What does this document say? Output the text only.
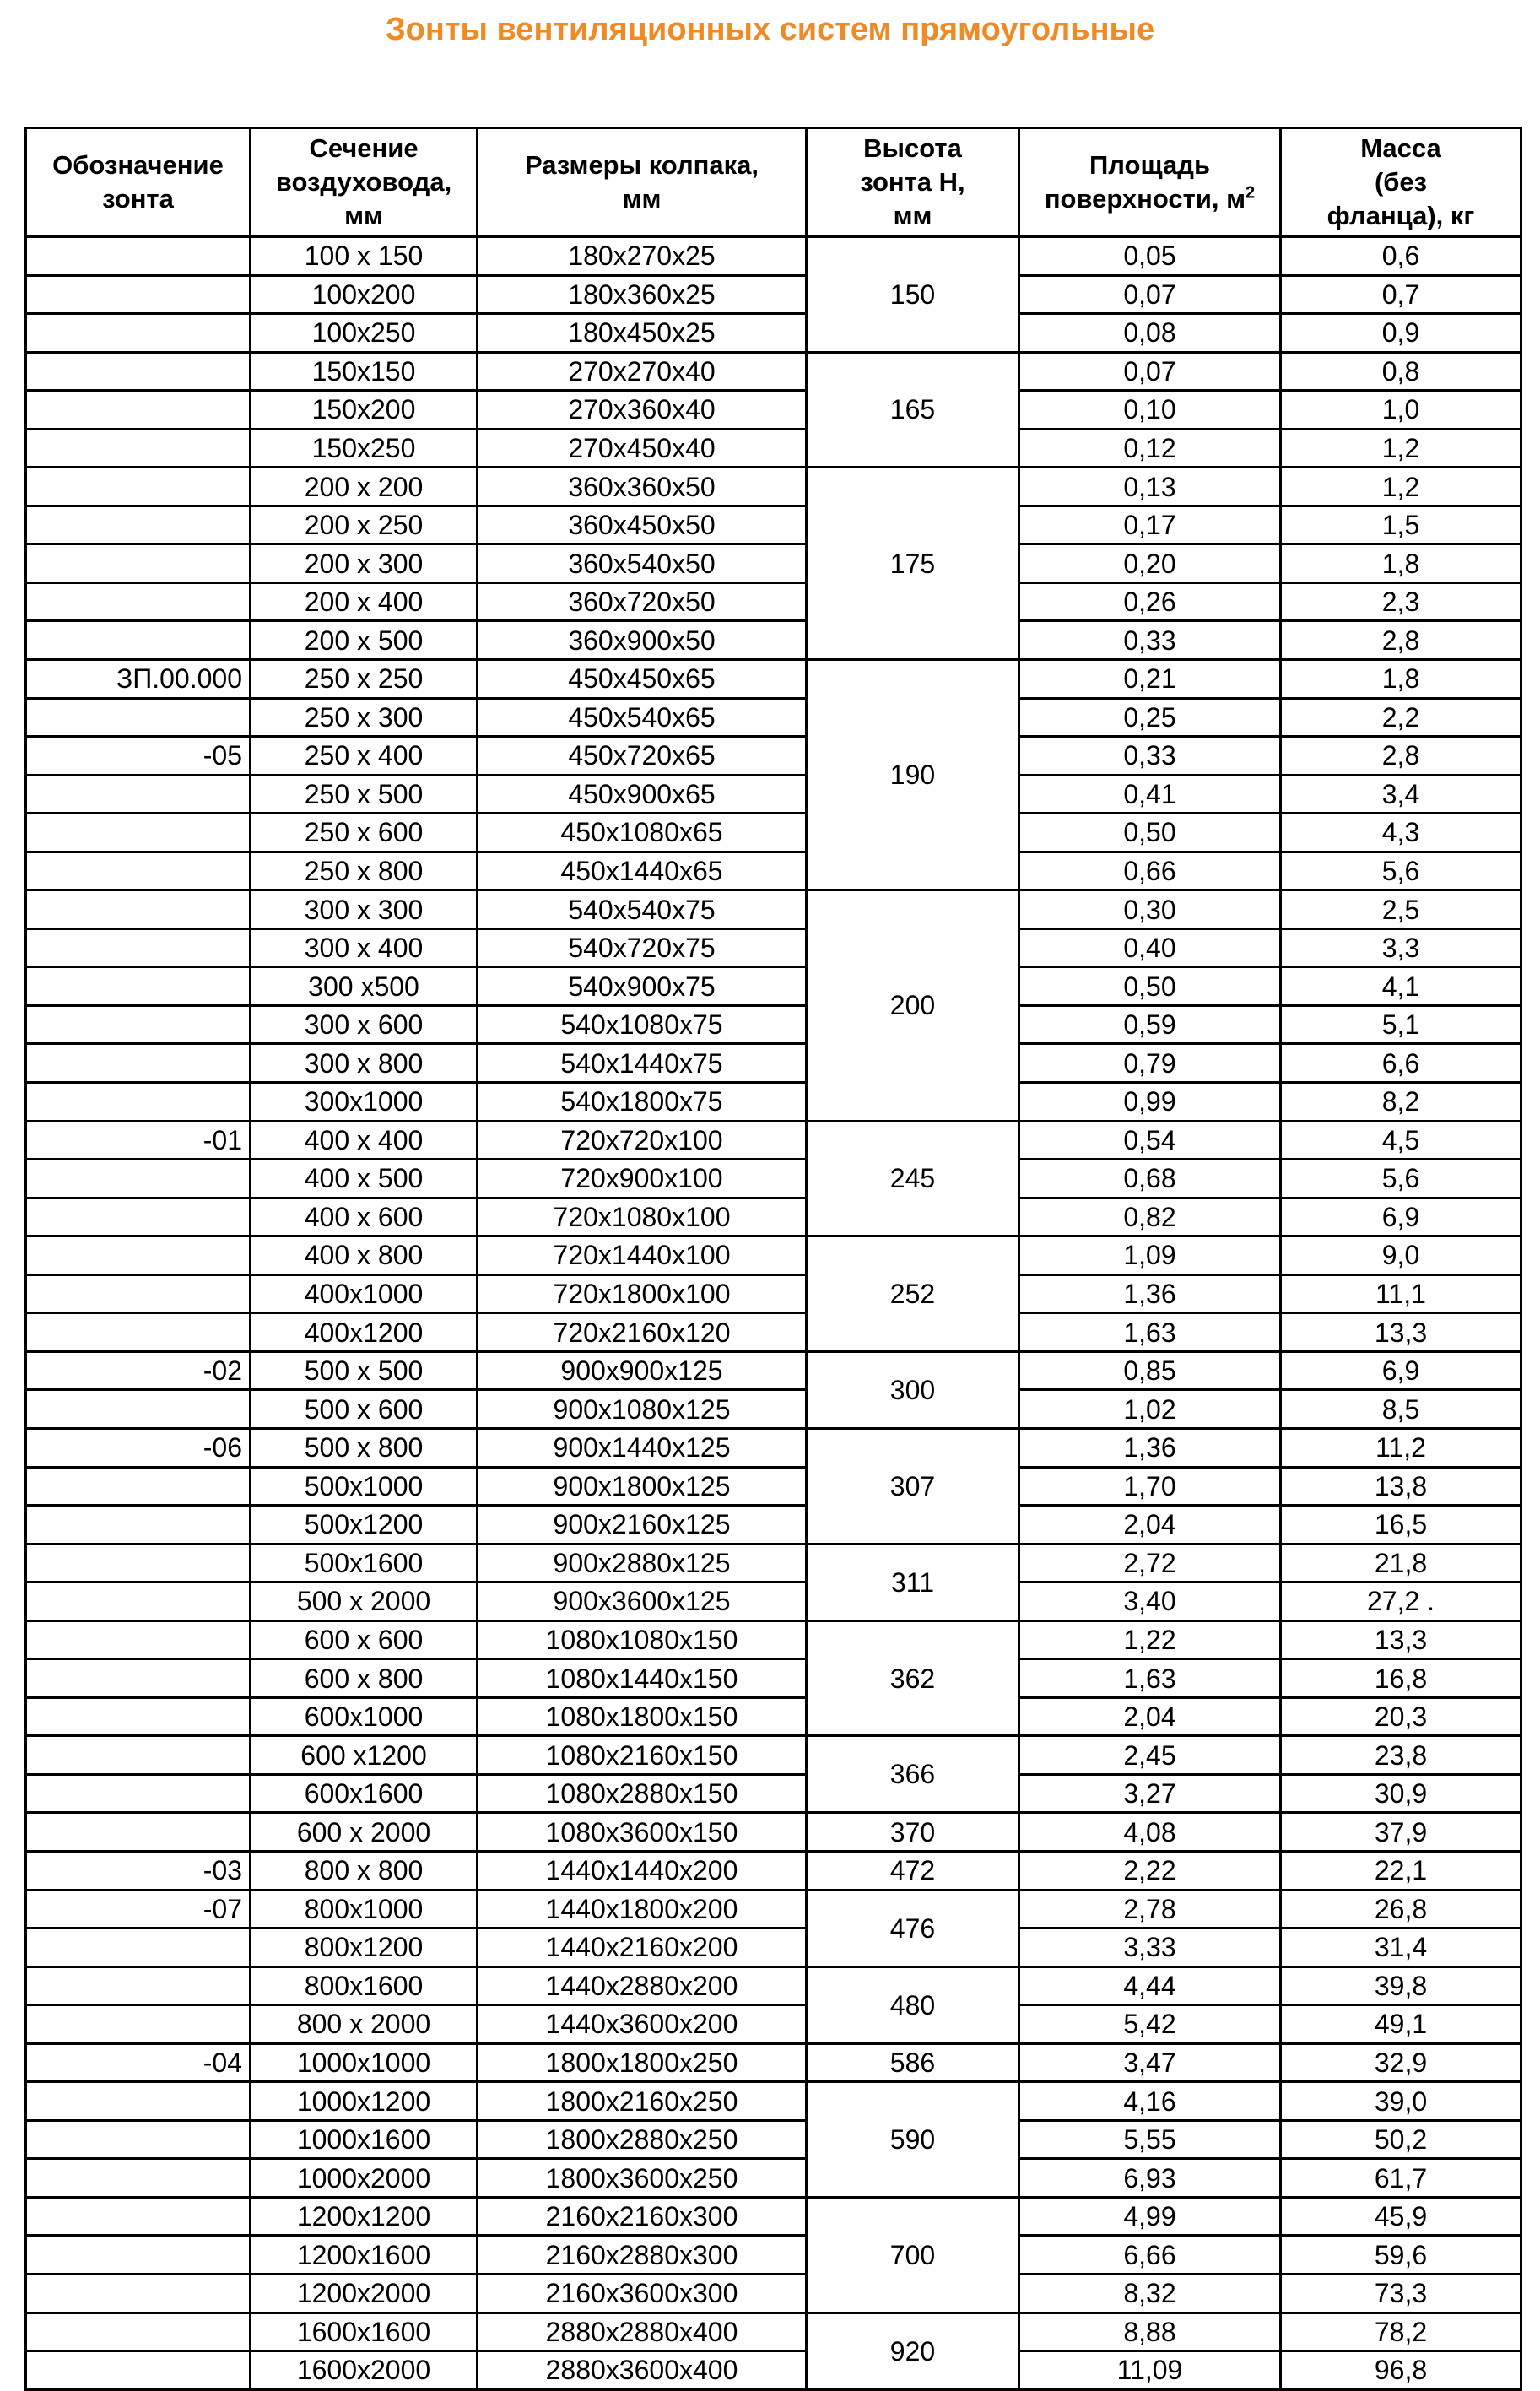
Зонты вентиляционных систем прямоугольные
Обозначение
зонта	Сечение
воздуховода,
мм	Размеры колпака,
мм	Высота
зонта Н,
мм	Площадь
поверхности, $м^2$	Масса
(без
фланца), кг
	100 х 150	180x270x25	150	0,05	0,6
	100x200	180x360x25		0,07	0,7
	100x250	180x450x25		0,08	0,9
	150x150	270x270x40	165	0,07	0,8
	150x200	270x360x40		0,10	1,0
	150x250	270x450x40		0,12	1,2
	200 х 200	360x360x50	175	0,13	1,2
	200 х 250	360x450x50		0,17	1,5
	200 х 300	360x540x50		0,20	1,8
	200 х 400	360x720x50		0,26	2,3
	200 х 500	360x900x50		0,33	2,8
ЗП.00.000	250 х 250	450x450x65	190	0,21	1,8
	250 х 300	450x540x65		0,25	2,2
-05	250 х 400	450x720x65		0,33	2,8
	250 х 500	450x900x65		0,41	3,4
	250 х 600	450x1080x65		0,50	4,3
	250 х 800	450x1440x65		0,66	5,6
	300 х 300	540x540x75	200	0,30	2,5
	300 х 400	540x720x75		0,40	3,3
	300 х500	540x900x75		0,50	4,1
	300 х 600	540x1080x75		0,59	5,1
	300 х 800	540x1440x75		0,79	6,6
	300x1000	540x1800x75		0,99	8,2
-01	400 х 400	720x720x100	245	0,54	4,5
	400 х 500	720x900x100		0,68	5,6
	400 х 600	720x1080x100		0,82	6,9
	400 х 800	720x1440x100	252	1,09	9,0
	400x1000	720x1800x100		1,36	11,1
	400x1200	720x2160x120		1,63	13,3
-02	500 х 500	900x900x125	300	0,85	6,9
	500 х 600	900x1080x125		1,02	8,5
-06	500 х 800	900x1440x125	307	1,36	11,2
	500x1000	900x1800x125		1,70	13,8
	500x1200	900x2160x125		2,04	16,5
	500x1600	900x2880x125	311	2,72	21,8
	500 х 2000	900x3600x125		3,40	27,2 .
	600 х 600	1080x1080x150	362	1,22	13,3
	600 х 800	1080x1440x150		1,63	16,8
	600x1000	1080x1800x150		2,04	20,3
	600 х1200	1080x2160x150	366	2,45	23,8
	600x1600	1080x2880x150		3,27	30,9
	600 х 2000	1080x3600x150	370	4,08	37,9
-03	800 х 800	1440x1440x200	472	2,22	22,1
-07	800x1000	1440x1800x200	476	2,78	26,8
	800x1200	1440x2160x200		3,33	31,4
	800x1600	1440x2880x200	480	4,44	39,8
	800 х 2000	1440x3600x200		5,42	49,1
-04	1000x1000	1800x1800x250	586	3,47	32,9
	1000x1200	1800x2160x250	590	4,16	39,0
	1000x1600	1800x2880x250		5,55	50,2
	1000x2000	1800x3600x250		6,93	61,7
	1200x1200	2160x2160x300	700	4,99	45,9
	1200x1600	2160x2880x300		6,66	59,6
	1200x2000	2160x3600x300		8,32	73,3
	1600x1600	2880x2880x400	920	8,88	78,2
	1600x2000	2880x3600x400		11,09	96,8
